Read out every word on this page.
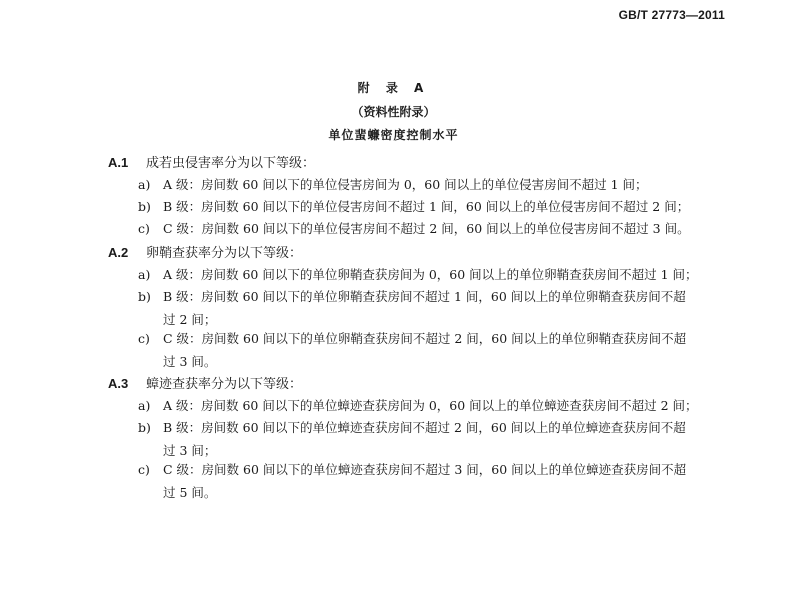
GB/T 27773—2011
附 录 A
（资料性附录）
单位蜚蠊密度控制水平
A.1 成若虫侵害率分为以下等级：
a) A 级：房间数 60 间以下的单位侵害房间为 0，60 间以上的单位侵害房间不超过 1 间；
b) B 级：房间数 60 间以下的单位侵害房间不超过 1 间，60 间以上的单位侵害房间不超过 2 间；
c) C 级：房间数 60 间以下的单位侵害房间不超过 2 间，60 间以上的单位侵害房间不超过 3 间。
A.2 卵鞘查获率分为以下等级：
a) A 级：房间数 60 间以下的单位卵鞘查获房间为 0，60 间以上的单位卵鞘查获房间不超过 1 间；
b) B 级：房间数 60 间以下的单位卵鞘查获房间不超过 1 间，60 间以上的单位卵鞘查获房间不超
过 2 间；
c) C 级：房间数 60 间以下的单位卵鞘查获房间不超过 2 间，60 间以上的单位卵鞘查获房间不超
过 3 间。
A.3 蟑迹查获率分为以下等级：
a) A 级：房间数 60 间以下的单位蟑迹查获房间为 0，60 间以上的单位蟑迹查获房间不超过 2 间；
b) B 级：房间数 60 间以下的单位蟑迹查获房间不超过 2 间，60 间以上的单位蟑迹查获房间不超
过 3 间；
c) C 级：房间数 60 间以下的单位蟑迹查获房间不超过 3 间，60 间以上的单位蟑迹查获房间不超
过 5 间。
